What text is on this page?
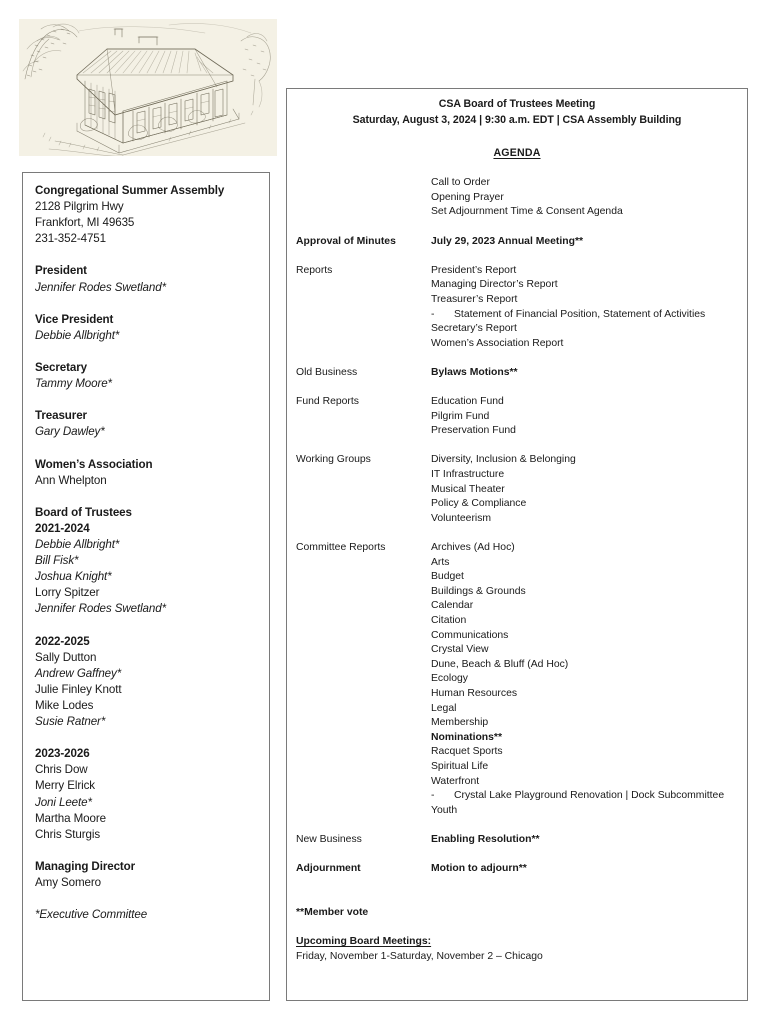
Congregational Summer Assembly
2128 Pilgrim Hwy
Frankfort, MI 49635
231-352-4751
President
Jennifer Rodes Swetland*
Vice President
Debbie Allbright*
Secretary
Tammy Moore*
Treasurer
Gary Dawley*
Women’s Association
Ann Whelpton
Board of Trustees
2021-2024
Debbie Allbright*
Bill Fisk*
Joshua Knight*
Lorry Spitzer
Jennifer Rodes Swetland*
2022-2025
Sally Dutton
Andrew Gaffney*
Julie Finley Knott
Mike Lodes
Susie Ratner*
2023-2026
Chris Dow
Merry Elrick
Joni Leete*
Martha Moore
Chris Sturgis
Managing Director
Amy Somero
*Executive Committee
CSA Board of Trustees Meeting
Saturday, August 3, 2024 | 9:30 a.m. EDT | CSA Assembly Building
AGENDA
Call to Order
Opening Prayer
Set Adjournment Time & Consent Agenda
Approval of Minutes	July 29, 2023 Annual Meeting**
Reports	President’s Report
Managing Director’s Report
Treasurer’s Report
- Statement of Financial Position, Statement of Activities
Secretary’s Report
Women’s Association Report
Old Business	Bylaws Motions**
Fund Reports	Education Fund
Pilgrim Fund
Preservation Fund
Working Groups	Diversity, Inclusion & Belonging
IT Infrastructure
Musical Theater
Policy & Compliance
Volunteerism
Committee Reports	Archives (Ad Hoc)
Arts
Budget
Buildings & Grounds
Calendar
Citation
Communications
Crystal View
Dune, Beach & Bluff (Ad Hoc)
Ecology
Human Resources
Legal
Membership
Nominations**
Racquet Sports
Spiritual Life
Waterfront
- Crystal Lake Playground Renovation | Dock Subcommittee
Youth
New Business	Enabling Resolution**
Adjournment	Motion to adjourn**
**Member vote
Upcoming Board Meetings:
Friday, November 1-Saturday, November 2 – Chicago
